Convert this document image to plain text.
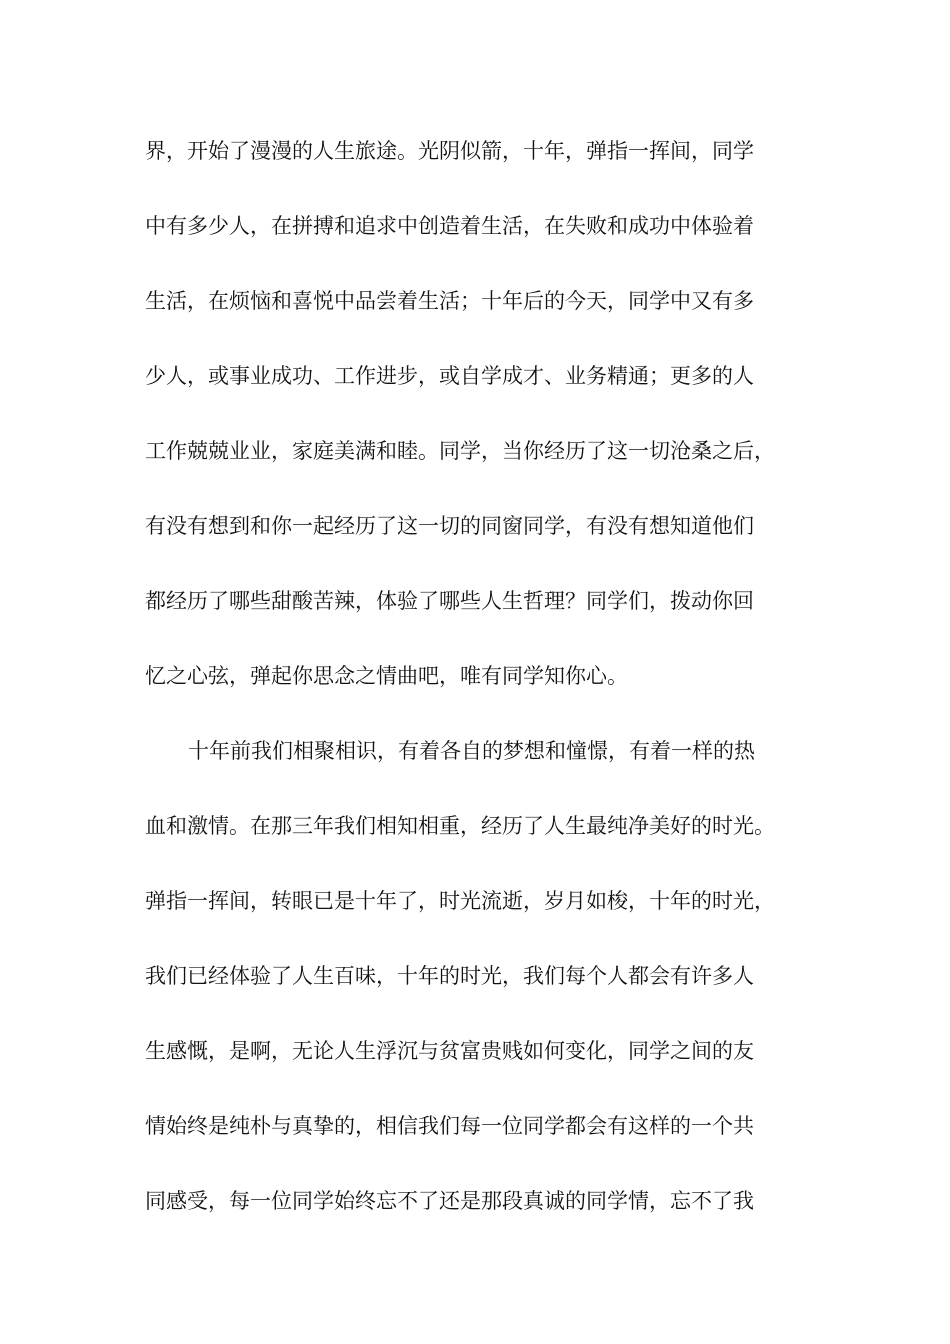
界，开始了漫漫的人生旅途。光阴似箭，十年，弹指一挥间，同学

中有多少人，在拼搏和追求中创造着生活，在失败和成功中体验着

生活，在烦恼和喜悦中品尝着生活；十年后的今天，同学中又有多

少人，或事业成功、工作进步，或自学成才、业务精通；更多的人

工作兢兢业业，家庭美满和睦。同学，当你经历了这一切沧桑之后，

有没有想到和你一起经历了这一切的同窗同学，有没有想知道他们

都经历了哪些甜酸苦辣，体验了哪些人生哲理？同学们，拨动你回

忆之心弦，弹起你思念之情曲吧，唯有同学知你心。

十年前我们相聚相识，有着各自的梦想和憧憬，有着一样的热

血和激情。在那三年我们相知相重，经历了人生最纯净美好的时光。

弹指一挥间，转眼已是十年了，时光流逝，岁月如梭，十年的时光，

我们已经体验了人生百味，十年的时光，我们每个人都会有许多人

生感慨，是啊，无论人生浮沉与贫富贵贱如何变化，同学之间的友

情始终是纯朴与真挚的，相信我们每一位同学都会有这样的一个共

同感受，每一位同学始终忘不了还是那段真诚的同学情，忘不了我
